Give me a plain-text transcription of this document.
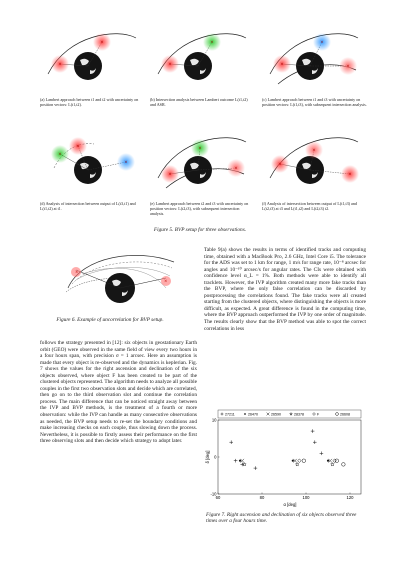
×
×
×
×
×
×
×
×
×
×
×
×
×
×
×
×
(a) Lambert approach between t1 and t2 with uncertainty on position vectors: L(t1,t2).
(b) Intersection analysis between Lambert outcome L(t1,t2) and ASR.
(c) Lambert approach between t1 and t3 with uncertainty on position vectors: L(t1,t3), with subsequent intersection analysis.
(d) Analysis of intersection between output of L(t3,t1) and L(t1,t2) at t1.
(e) Lambert approach between t2 and t3 with uncertainty on position vectors: L(t2,t3), with subsequent intersection analysis.
(f) Analysis of intersection between output of L(t1,t3) and L(t2,t3) at t3 and L(t1,t2) and L(t2,t3) t2.
Figure 5. BVP setup for three observations.
×
×
Figure 6. Example of uncorrelation for BVP setup.
Table 9(a) shows the results in terms of identified tracks and computing time, obtained with a MacBook Pro, 2.6 GHz, Intel Core i5. The tolerance for the ADS was set to 1 km for range, 1 m/s for range rate, 10⁻⁸ arcsec for angles and 10⁻¹⁰ arcsec/s for angular rates. The CIs were obtained with confidence level α_L = 1%. Both methods were able to identify all tracklets. However, the IVP algorithm created many more fake tracks than the BVP, where the only false correlation can be discarded by postprocessing the correlations found. The fake tracks were all created starting from the clustered objects, where distinguishing the objects is more difficult, as expected. A great difference is found in the computing time, where the BVP approach outperformed the IVP by one order of magnitude. The results clearly show that the BVP method was able to spot the correct correlations in less
follows the strategy presented in [12]: six objects in geostationary Earth orbit (GEO) were observed in the same field of view every two hours in a four hours span, with precision σ = 1 arcsec. Here an assumption is made that every object is re-observed and the dynamics is keplerian. Fig. 7 shows the values for the right ascension and declination of the six objects observed, where object F has been created to be part of the clustered objects represented. The algorithm needs to analyze all possible couples in the first two observation slots and decide which are correlated, then go on to the third observation slot and continue the correlation process. The main difference that can be noticed straight away between the IVP and BVP methods, is the treatment of a fourth or more observation: while the IVP can handle as many consecutive observations as needed, the BVP setup needs to re-set the boundary conditions and make increasing checks on each couple, thus slowing down the process. Nevertheless, it is possible to firstly assess their performance on the first three observing slots and then decide which strategy to adopt later.
27211	26470	26590	28378	F	26608
60	80	100	120
10
0
-10
α [deg]
δ [deg]
Figure 7. Right ascension and declination of six objects observed three times over a four hours time.
